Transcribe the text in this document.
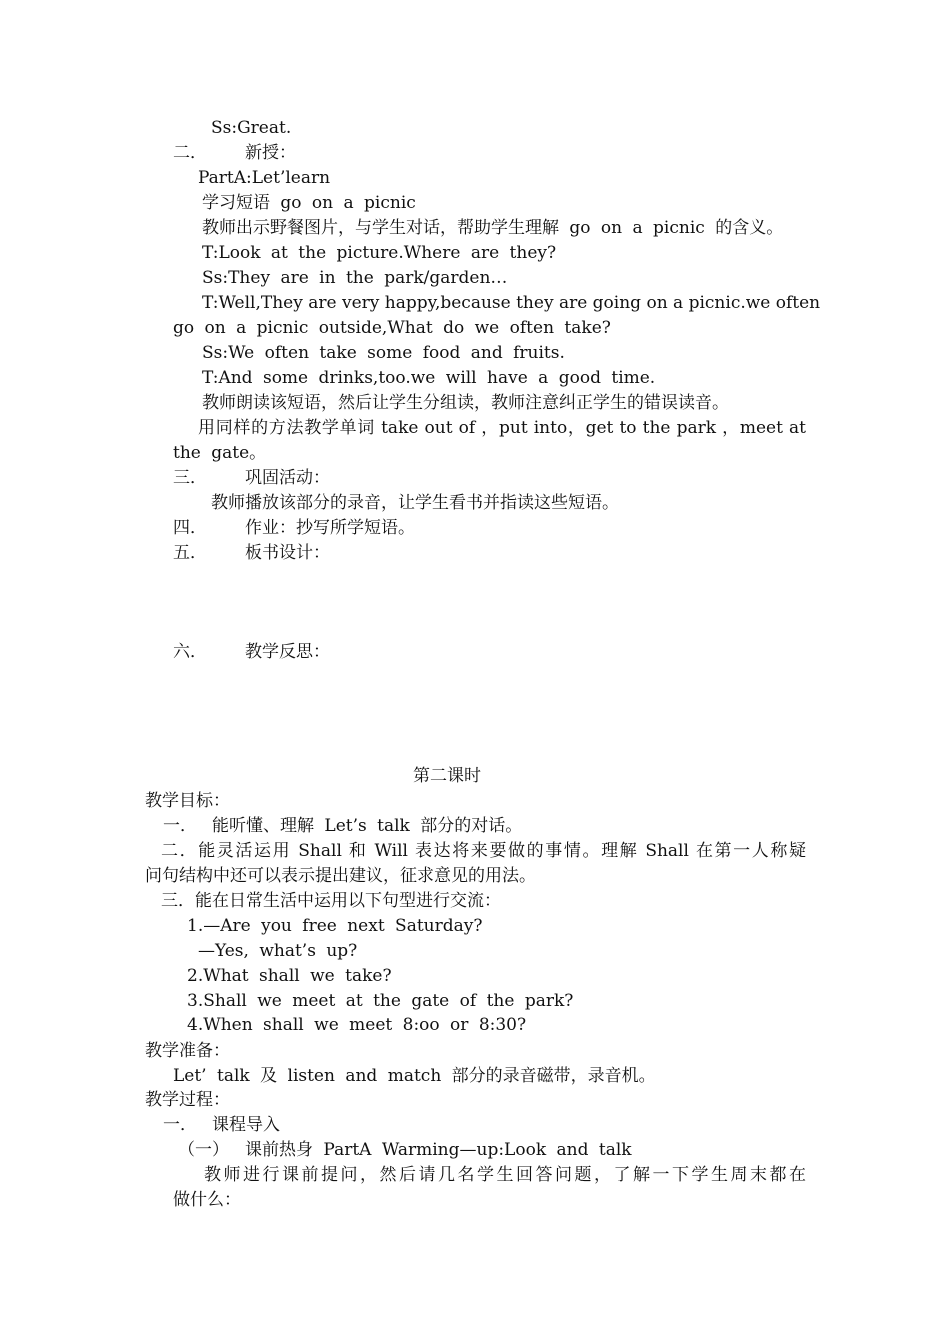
Ss:Great.
二． 新授：
PartA:Let’learn
学习短语 go on a picnic
教师出示野餐图片，与学生对话，帮助学生理解 go on a picnic 的含义。
T:Look at the picture.Where are they?
Ss:They are in the park/garden…
T:Well,They are very happy,because they are going on a picnic.we often
go on a picnic outside,What do we often take?
Ss:We often take some food and fruits.
T:And some drinks,too.we will have a good time.
教师朗读该短语，然后让学生分组读，教师注意纠正学生的错误读音。
用同样的方法教学单词 take out of ，put into，get to the park ，meet at
the gate。
三． 巩固活动：
教师播放该部分的录音，让学生看书并指读这些短语。
四． 作业：抄写所学短语。
五． 板书设计：
六． 教学反思：
第二课时
教学目标：
一． 能听懂、理解 Let’s talk 部分的对话。
二．能灵活运用 Shall 和 Will 表达将来要做的事情。理解 Shall 在第一人称疑
问句结构中还可以表示提出建议，征求意见的用法。
三．能在日常生活中运用以下句型进行交流：
1.—Are you free next Saturday?
—Yes, what’s up?
2.What shall we take?
3.Shall we meet at the gate of the park?
4.When shall we meet 8:oo or 8:30?
教学准备：
Let’ talk 及 listen and match 部分的录音磁带，录音机。
教学过程：
一． 课程导入
（一） 课前热身 PartA Warming—up:Look and talk
教师进行课前提问，然后请几名学生回答问题，了解一下学生周末都在
做什么：
